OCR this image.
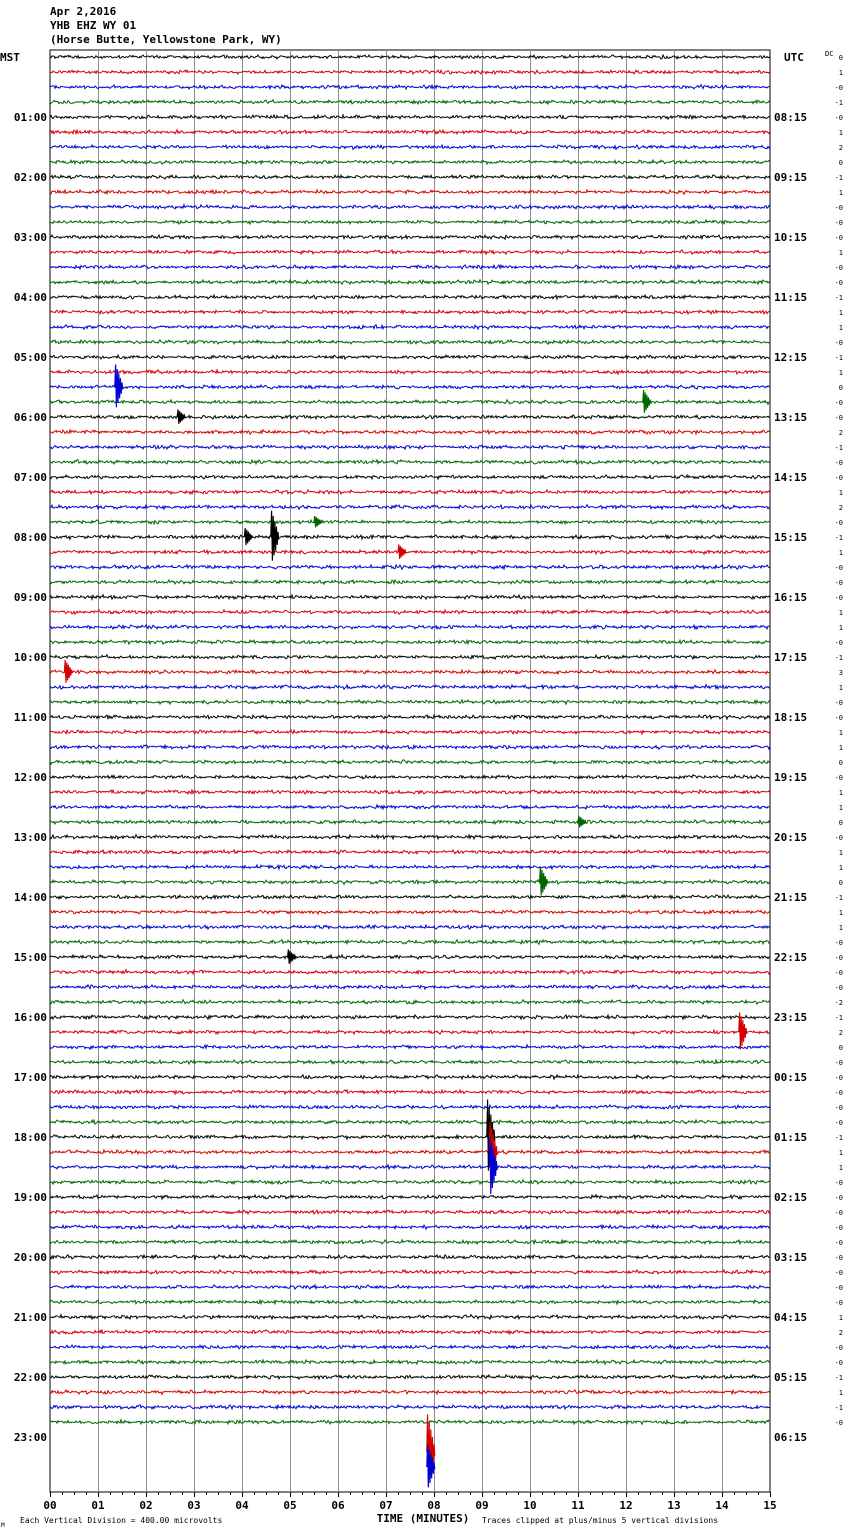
Apr 2,2016
YHB EHZ WY 01
(Horse Butte, Yellowstone Park, WY)
01:00
02:00
03:00
04:00
05:00
06:00
07:00
08:00
09:00
10:00
11:00
12:00
13:00
14:00
15:00
16:00
17:00
18:00
19:00
20:00
21:00
22:00
23:00
08:15
09:15
10:15
11:15
12:15
13:15
14:15
15:15
16:15
17:15
18:15
19:15
20:15
21:15
22:15
23:15
00:15
01:15
02:15
03:15
04:15
05:15
06:15
MST	UTC	DC 0
1
-0
-1
-0
1
2
0
-1
1
-0
-0
-0
1
-0
-0
-1
1
1
-0
-1
1
0
-0
-0
2
-1
-0
-0
1
2
-0
-1
1
-0
-0
-0
1
1
-0
-1
3
1
-0
-0
1
1
0
-0
1
1
0
-0
1
1
0
-1
1
1
-0
-0
-0
-0
-2
-1
2
0
-0
-0
-0
-0
-0
-1
1
1
-0
-0
-0
-0
-0
-0
-0
-0
-0
1
2
-0
-0
-1
1
-1
-0
00	01	02	03	04	05	06	07	08	09	10	11	12	13	14	15
TIME (MINUTES)
Each Vertical Division = 400.00 microvolts	Traces clipped at plus/minus 5 vertical divisions
M
